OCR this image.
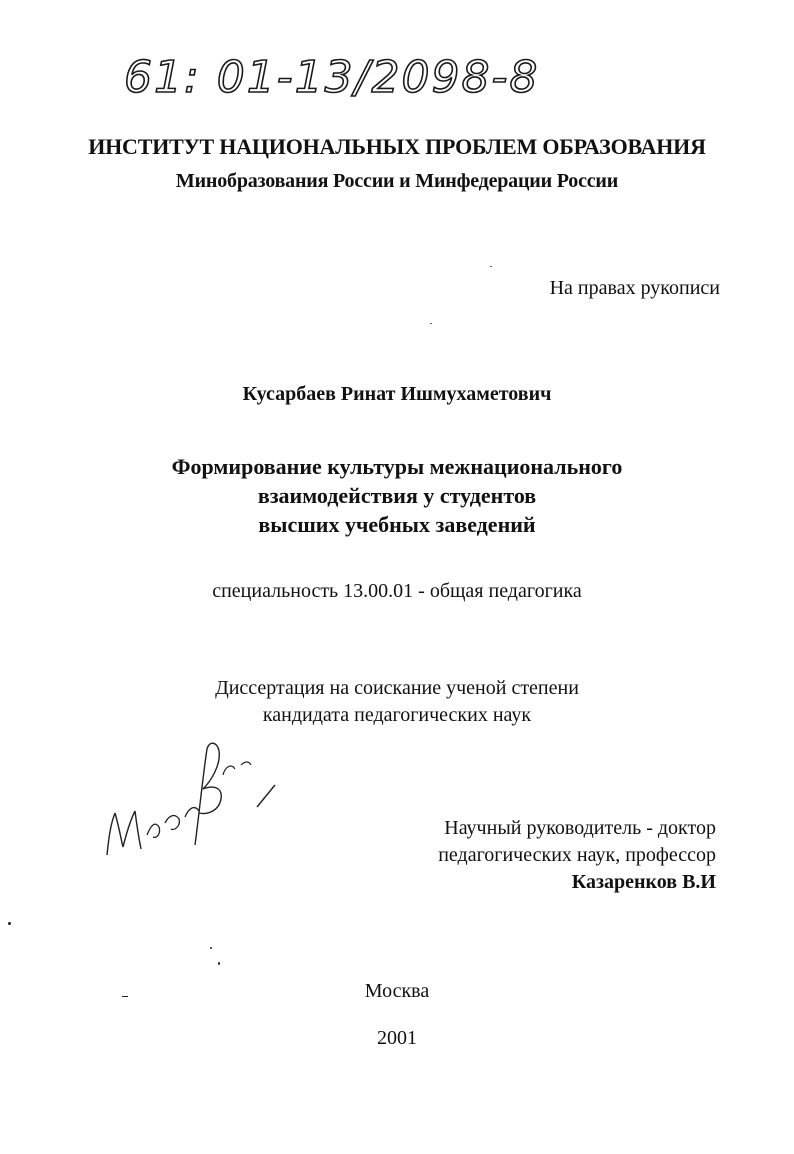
61: 01-13/2098-8
ИНСТИТУТ НАЦИОНАЛЬНЫХ ПРОБЛЕМ ОБРАЗОВАНИЯ
Минобразования России и Минфедерации России
На правах рукописи
Кусарбаев Ринат Ишмухаметович
Формирование культуры межнационального
взаимодействия у студентов
высших учебных заведений
специальность 13.00.01 - общая педагогика
Диссертация на соискание ученой степени
кандидата педагогических наук
Научный руководитель - доктор
педагогических наук, профессор
Казаренков В.И
Москва
2001
